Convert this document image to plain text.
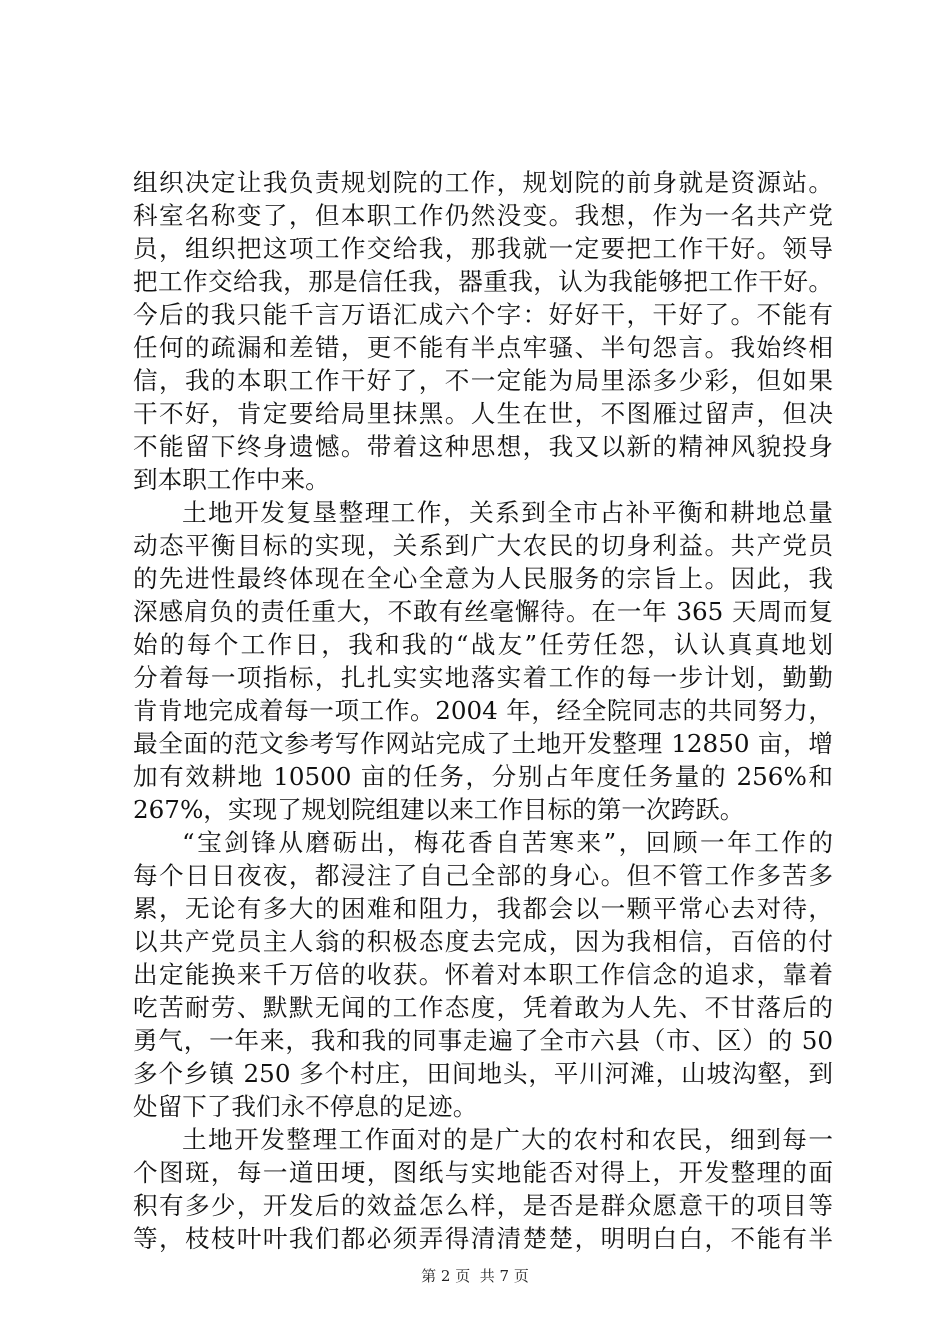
组织决定让我负责规划院的工作，规划院的前身就是资源站。
科室名称变了，但本职工作仍然没变。我想，作为一名共产党
员，组织把这项工作交给我，那我就一定要把工作干好。领导
把工作交给我，那是信任我，器重我，认为我能够把工作干好。
今后的我只能千言万语汇成六个字：好好干，干好了。不能有
任何的疏漏和差错，更不能有半点牢骚、半句怨言。我始终相
信，我的本职工作干好了，不一定能为局里添多少彩，但如果
干不好，肯定要给局里抹黑。人生在世，不图雁过留声，但决
不能留下终身遗憾。带着这种思想，我又以新的精神风貌投身
到本职工作中来。
土地开发复垦整理工作，关系到全市占补平衡和耕地总量
动态平衡目标的实现，关系到广大农民的切身利益。共产党员
的先进性最终体现在全心全意为人民服务的宗旨上。因此，我
深感肩负的责任重大，不敢有丝毫懈待。在一年 365 天周而复
始的每个工作日，我和我的“战友”任劳任怨，认认真真地划
分着每一项指标，扎扎实实地落实着工作的每一步计划，勤勤
肯肯地完成着每一项工作。2004 年，经全院同志的共同努力，
最全面的范文参考写作网站完成了土地开发整理 12850 亩，增
加有效耕地 10500 亩的任务，分别占年度任务量的 256%和
267%，实现了规划院组建以来工作目标的第一次跨跃。
“宝剑锋从磨砺出，梅花香自苦寒来”，回顾一年工作的
每个日日夜夜，都浸注了自己全部的身心。但不管工作多苦多
累，无论有多大的困难和阻力，我都会以一颗平常心去对待，
以共产党员主人翁的积极态度去完成，因为我相信，百倍的付
出定能换来千万倍的收获。怀着对本职工作信念的追求，靠着
吃苦耐劳、默默无闻的工作态度，凭着敢为人先、不甘落后的
勇气，一年来，我和我的同事走遍了全市六县（市、区）的 50
多个乡镇 250 多个村庄，田间地头，平川河滩，山坡沟壑，到
处留下了我们永不停息的足迹。
土地开发整理工作面对的是广大的农村和农民，细到每一
个图斑，每一道田埂，图纸与实地能否对得上，开发整理的面
积有多少，开发后的效益怎么样，是否是群众愿意干的项目等
等，枝枝叶叶我们都必须弄得清清楚楚，明明白白，不能有半
第 2 页  共 7 页
